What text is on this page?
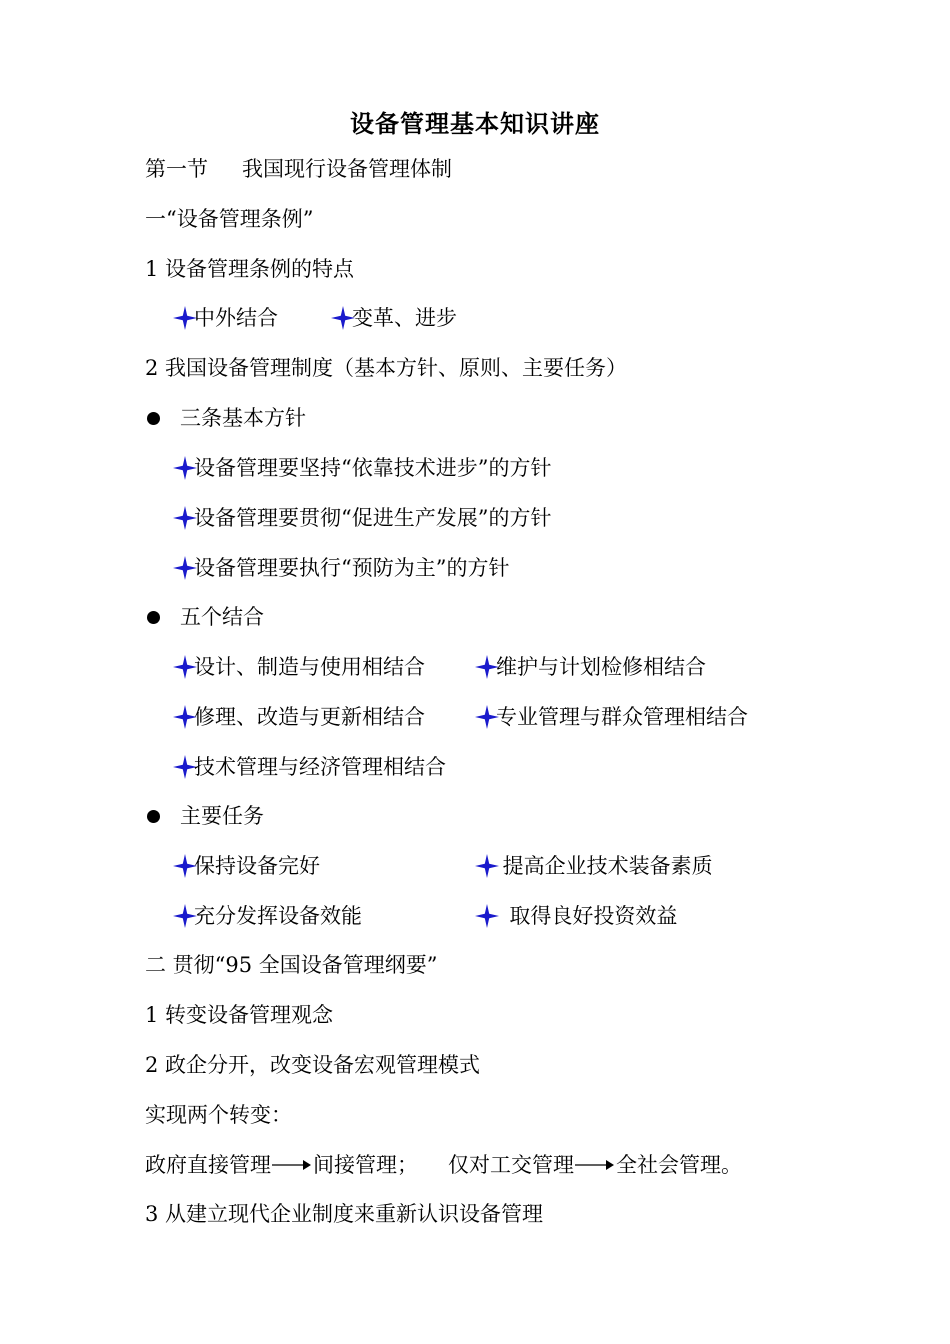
设备管理基本知识讲座
第一节 我国现行设备管理体制
一“设备管理条例”
1 设备管理条例的特点
中外结合	变革、进步
2 我国设备管理制度（基本方针、原则、主要任务）
三条基本方针
设备管理要坚持“依靠技术进步”的方针
设备管理要贯彻“促进生产发展”的方针
设备管理要执行“预防为主”的方针
五个结合
设计、制造与使用相结合	维护与计划检修相结合
修理、改造与更新相结合	专业管理与群众管理相结合
技术管理与经济管理相结合
主要任务
保持设备完好	提高企业技术装备素质
充分发挥设备效能	取得良好投资效益
二 贯彻“95 全国设备管理纲要”
1 转变设备管理观念
2 政企分开，改变设备宏观管理模式
实现两个转变：
政府直接管理 间接管理； 仅对工交管理 全社会管理。
3 从建立现代企业制度来重新认识设备管理
